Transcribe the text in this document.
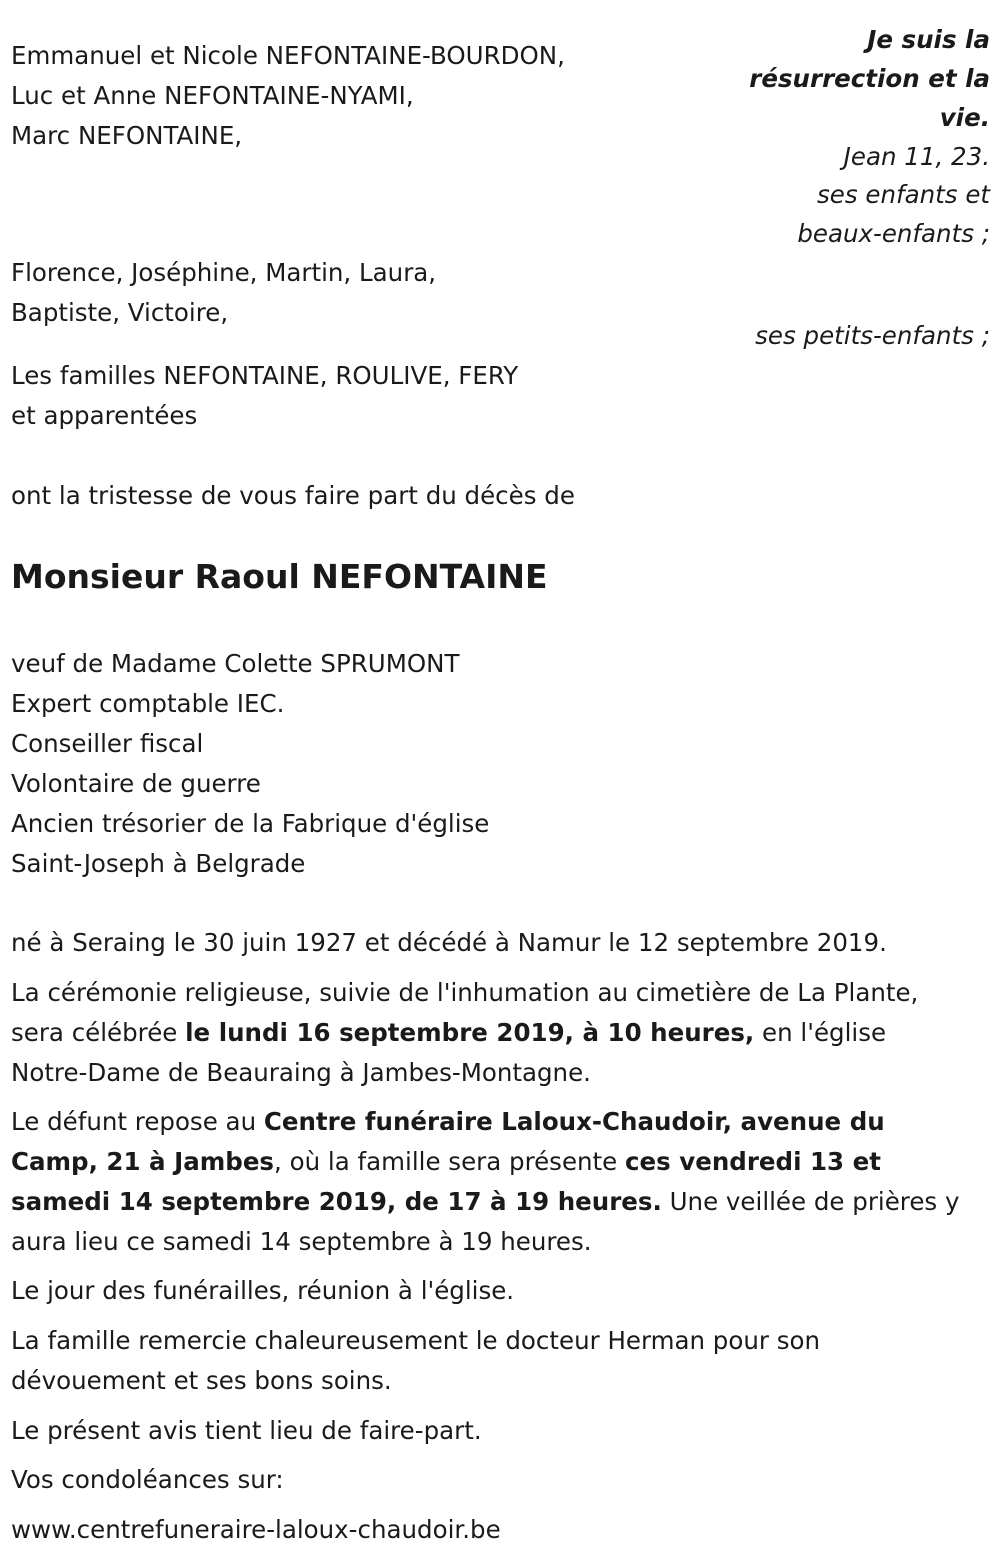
Je suis la
résurrection et la
vie.
Jean 11, 23.
ses enfants et
beaux-enfants ;
ses petits-enfants ;
Emmanuel et Nicole NEFONTAINE-BOURDON,
Luc et Anne NEFONTAINE-NYAMI,
Marc NEFONTAINE,
Florence, Joséphine, Martin, Laura,
Baptiste, Victoire,
Les familles NEFONTAINE, ROULIVE, FERY
et apparentées
ont la tristesse de vous faire part du décès de
Monsieur Raoul NEFONTAINE
veuf de Madame Colette SPRUMONT
Expert comptable IEC.
Conseiller fiscal
Volontaire de guerre
Ancien trésorier de la Fabrique d'église
Saint-Joseph à Belgrade
né à Seraing le 30 juin 1927 et décédé à Namur le 12 septembre 2019.
La cérémonie religieuse, suivie de l'inhumation au cimetière de La Plante,
sera célébrée le lundi 16 septembre 2019, à 10 heures, en l'église
Notre-Dame de Beauraing à Jambes-Montagne.
Le défunt repose au Centre funéraire Laloux-Chaudoir, avenue du
Camp, 21 à Jambes, où la famille sera présente ces vendredi 13 et
samedi 14 septembre 2019, de 17 à 19 heures. Une veillée de prières y
aura lieu ce samedi 14 septembre à 19 heures.
Le jour des funérailles, réunion à l'église.
La famille remercie chaleureusement le docteur Herman pour son
dévouement et ses bons soins.
Le présent avis tient lieu de faire-part.
Vos condoléances sur:
www.centrefuneraire-laloux-chaudoir.be
